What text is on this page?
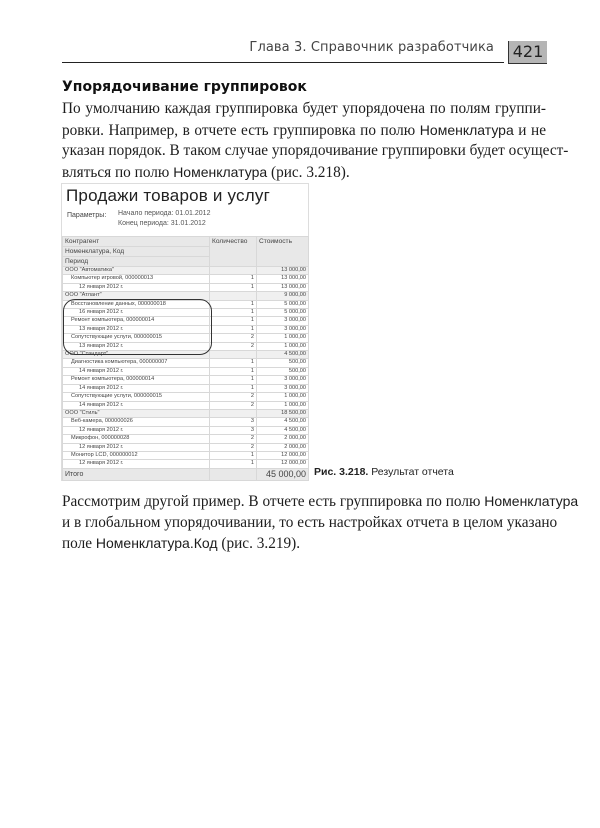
Глава 3. Справочник разработчика 421
Упорядочивание группировок
По умолчанию каждая группировка будет упорядочена по полям группи-
ровки. Например, в отчете есть группировка по полю Номенклатура и не
указан порядок. В таком случае упорядочивание группировки будет осущест-
вляться по полю Номенклатура (рис. 3.218).
Продажи товаров и услуг
Параметры: Начало периода: 01.01.2012
Конец периода: 31.01.2012
Контрагент	Количество	Стоимость
Номенклатура, Код		
Период		
ООО "Автоматика"		13 000,00
Компьютер игровой, 000000013	1	13 000,00
12 января 2012 г.	1	13 000,00
ООО "Атлант"		9 000,00
Восстановление данных, 000000018	1	5 000,00
16 января 2012 г.	1	5 000,00
Ремонт компьютера, 000000014	1	3 000,00
13 января 2012 г.	1	3 000,00
Сопутствующие услуги, 000000015	2	1 000,00
13 января 2012 г.	2	1 000,00
ООО "Стандарт"		4 500,00
Диагностика компьютера, 000000007	1	500,00
14 января 2012 г.	1	500,00
Ремонт компьютера, 000000014	1	3 000,00
14 января 2012 г.	1	3 000,00
Сопутствующие услуги, 000000015	2	1 000,00
14 января 2012 г.	2	1 000,00
ООО "Стиль"		18 500,00
Веб-камера, 000000026	3	4 500,00
12 января 2012 г.	3	4 500,00
Микрофон, 000000028	2	2 000,00
12 января 2012 г.	2	2 000,00
Монитор LCD, 000000012	1	12 000,00
12 января 2012 г.	1	12 000,00
Итого		45 000,00 Рис. 3.218. Результат отчета
Рассмотрим другой пример. В отчете есть группировка по полю Номенклатура
и в глобальном упорядочивании, то есть настройках отчета в целом указано
поле Номенклатура.Код (рис. 3.219).
